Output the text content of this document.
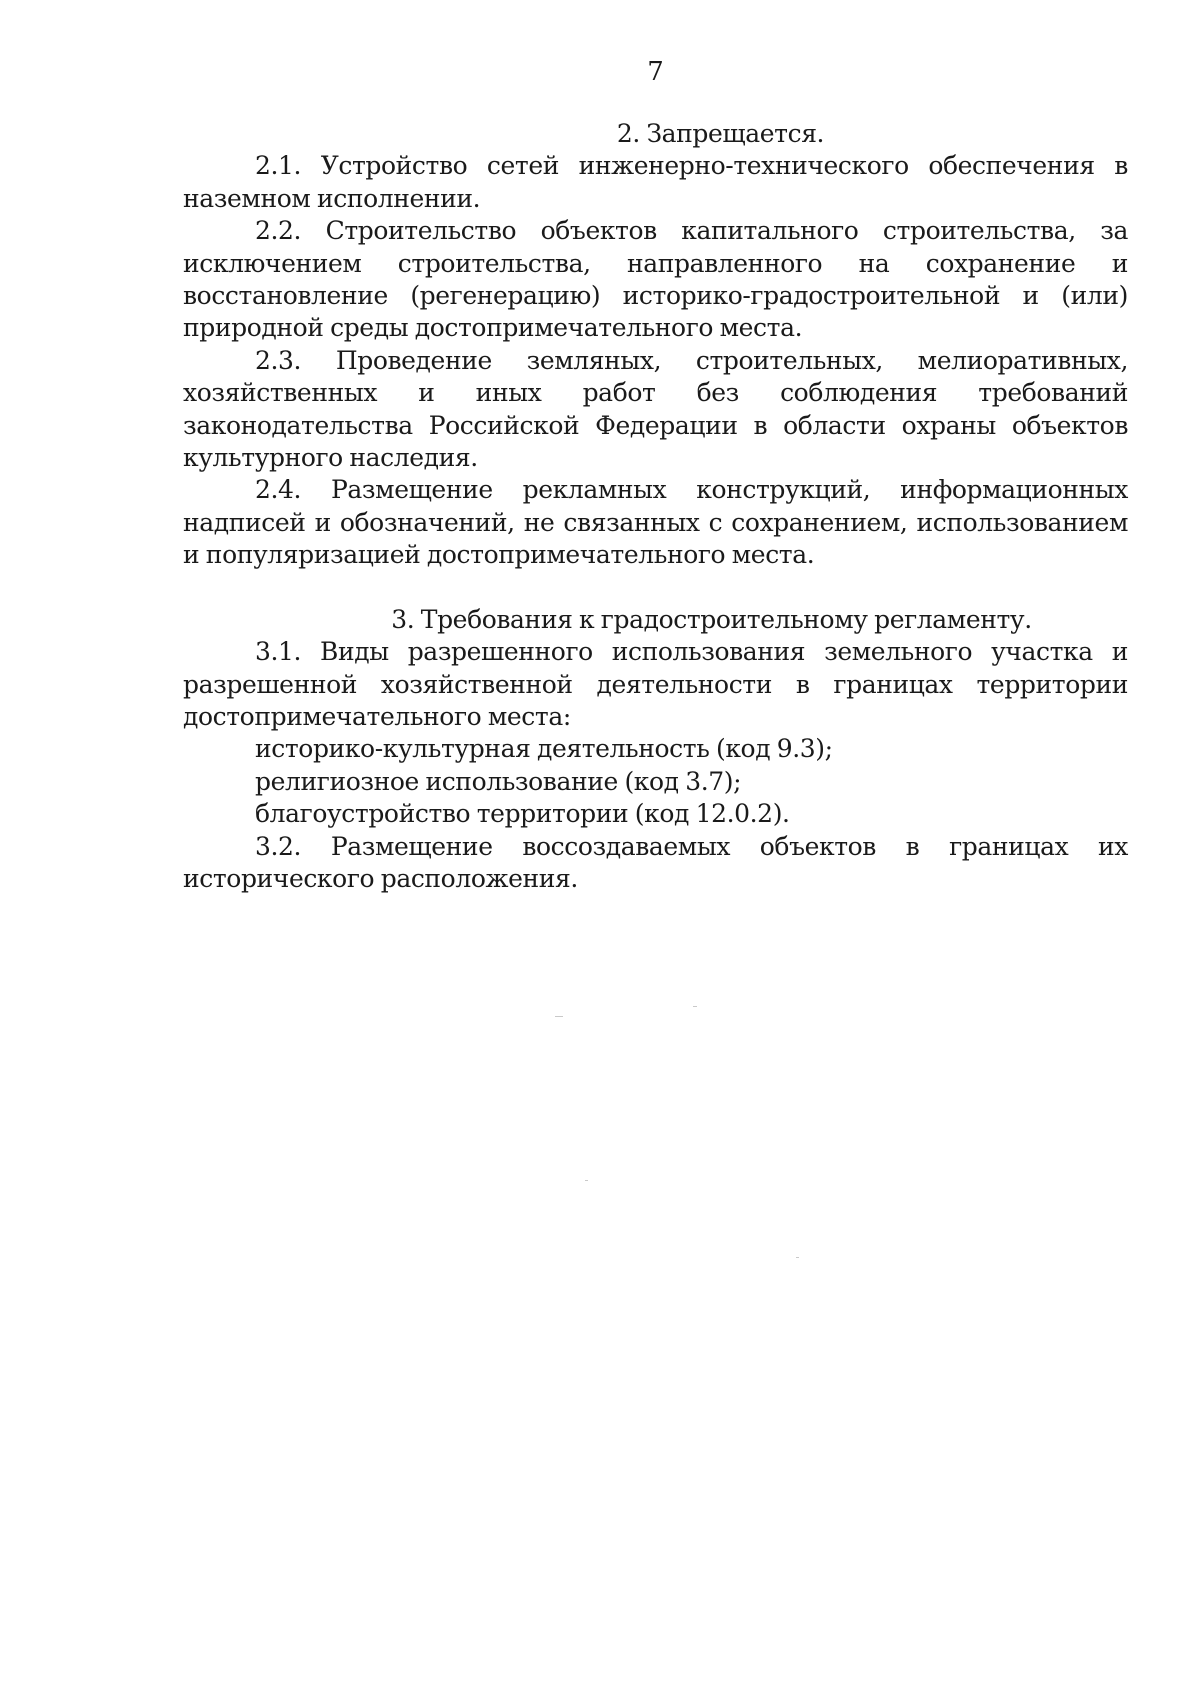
7

2. Запрещается.

2.1. Устройство сетей инженерно-технического обеспечения в наземном исполнении.

2.2. Строительство объектов капитального строительства, за исключением строительства, направленного на сохранение и восстановление (регенерацию) историко-градостроительной и (или) природной среды достопримечательного места.

2.3. Проведение земляных, строительных, мелиоративных, хозяйственных и иных работ без соблюдения требований законодательства Российской Федерации в области охраны объектов культурного наследия.

2.4. Размещение рекламных конструкций, информационных надписей и обозначений, не связанных с сохранением, использованием и популяризацией достопримечательного места.

3. Требования к градостроительному регламенту.

3.1. Виды разрешенного использования земельного участка и разрешенной хозяйственной деятельности в границах территории достопримечательного места:

историко-культурная деятельность (код 9.3);

религиозное использование (код 3.7);

благоустройство территории (код 12.0.2).

3.2. Размещение воссоздаваемых объектов в границах их исторического расположения.
